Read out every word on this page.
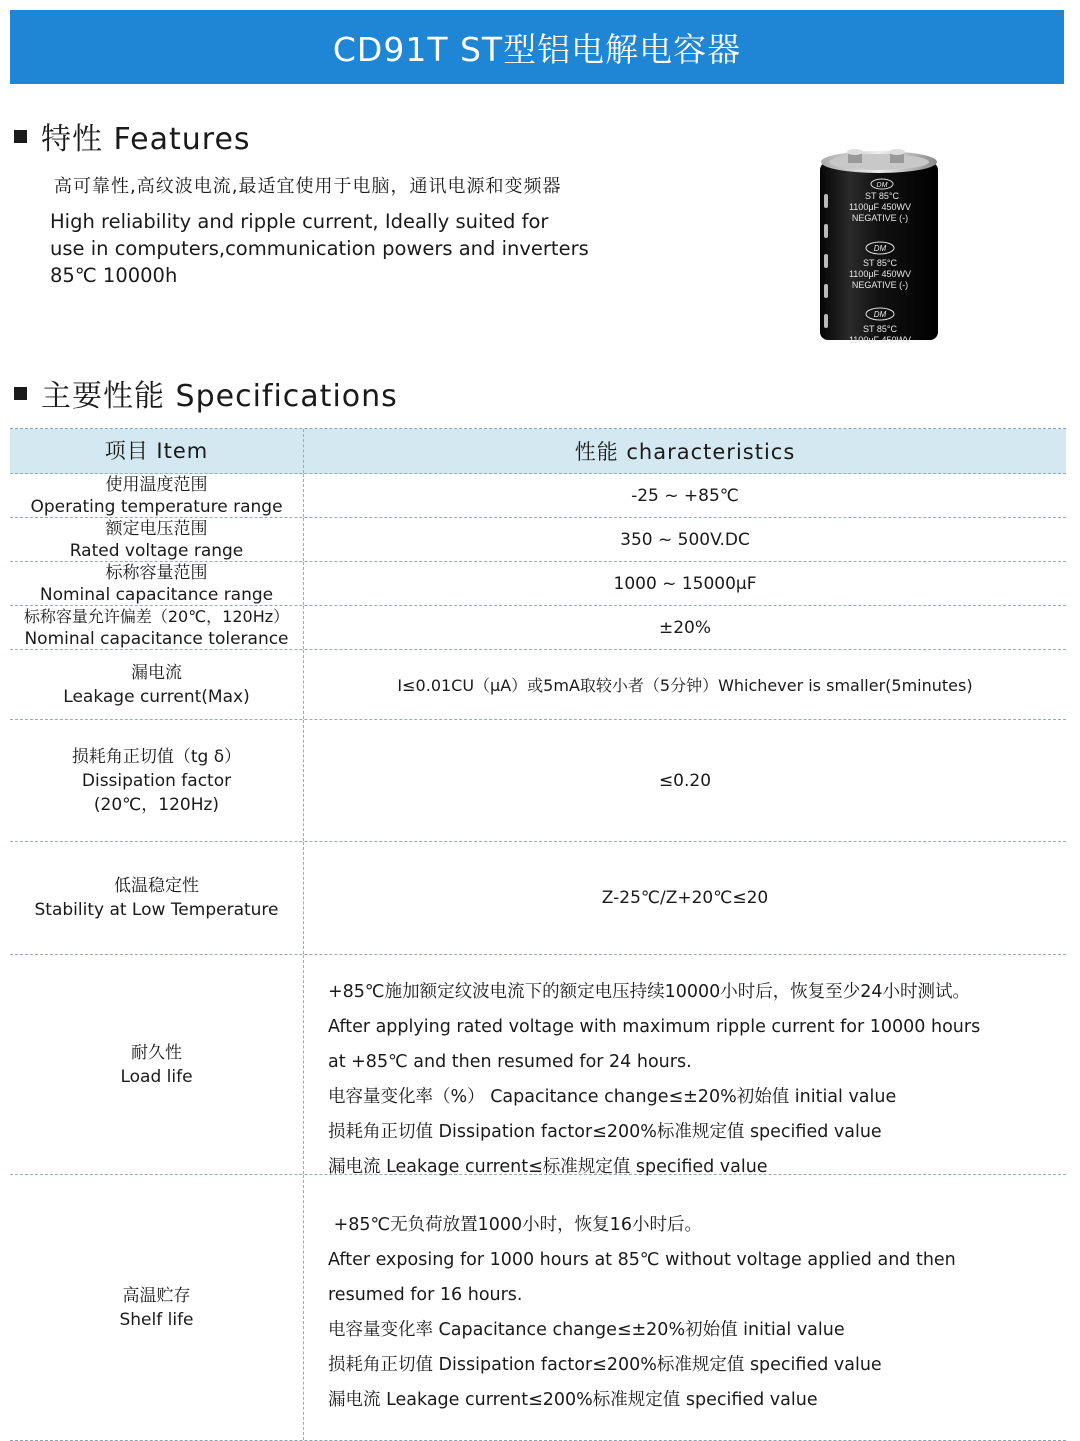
CD91T ST型铝电解电容器
特性 Features
高可靠性,高纹波电流,最适宜使用于电脑，通讯电源和变频器
High reliability and ripple current, Ideally suited for
use in computers,communication powers and inverters
85℃ 10000h
DM
ST 85°C
1100μF 450WV
NEGATIVE (-)
DM
ST 85°C
1100μF 450WV
NEGATIVE (-)
DM
ST 85°C
1100μF 450WV
主要性能 Specifications
项目 Item	性能 characteristics
使用温度范围
Operating temperature range
-25 ~ +85℃
额定电压范围
Rated voltage range
350 ~ 500V.DC
标称容量范围
Nominal capacitance range
1000 ~ 15000μF
标称容量允许偏差（20℃，120Hz）
Nominal capacitance tolerance
±20%
漏电流
Leakage current(Max)
I≤0.01CU（μA）或5mA取较小者（5分钟）Whichever is smaller(5minutes)
损耗角正切值（tg δ）
Dissipation factor
(20℃，120Hz)
≤0.20
低温稳定性
Stability at Low Temperature
Z-25℃/Z+20℃≤20
耐久性
Load life
+85℃施加额定纹波电流下的额定电压持续10000小时后，恢复至少24小时测试。
After applying rated voltage with maximum ripple current for 10000 hours
at +85℃ and then resumed for 24 hours.
电容量变化率（%） Capacitance change≤±20%初始值 initial value
损耗角正切值 Dissipation factor≤200%标准规定值 specified value
漏电流 Leakage current≤标准规定值 specified value
高温贮存
Shelf life
+85℃无负荷放置1000小时，恢复16小时后。
After exposing for 1000 hours at 85℃ without voltage applied and then
resumed for 16 hours.
电容量变化率 Capacitance change≤±20%初始值 initial value
损耗角正切值 Dissipation factor≤200%标准规定值 specified value
漏电流 Leakage current≤200%标准规定值 specified value
